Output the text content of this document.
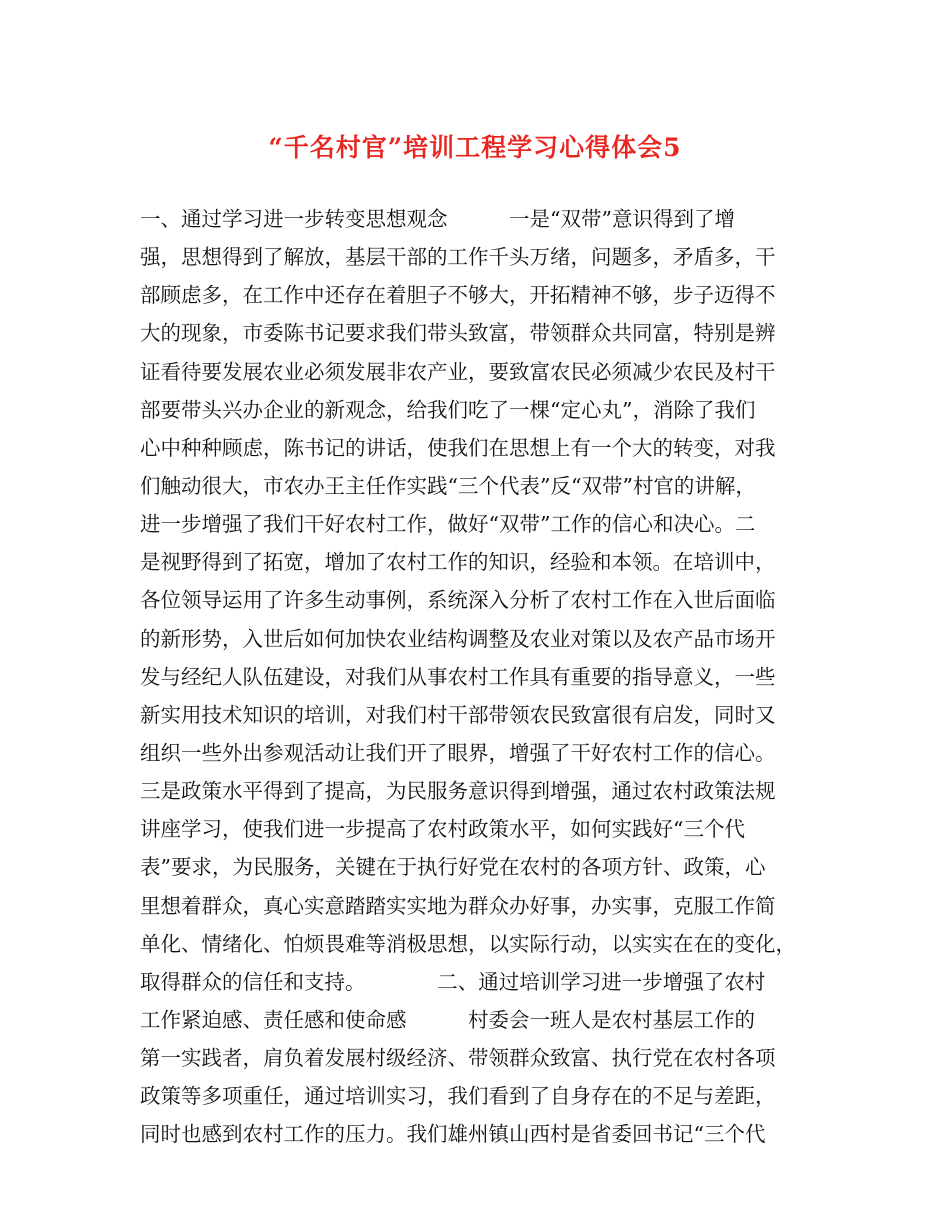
“千名村官”培训工程学习心得体会5
一、通过学习进一步转变思想观念　　　一是“双带”意识得到了增
强，思想得到了解放，基层干部的工作千头万绪，问题多，矛盾多，干
部顾虑多，在工作中还存在着胆子不够大，开拓精神不够，步子迈得不
大的现象，市委陈书记要求我们带头致富，带领群众共同富，特别是辨
证看待要发展农业必须发展非农产业，要致富农民必须减少农民及村干
部要带头兴办企业的新观念，给我们吃了一棵“定心丸”，消除了我们
心中种种顾虑，陈书记的讲话，使我们在思想上有一个大的转变，对我
们触动很大，市农办王主任作实践“三个代表”反“双带”村官的讲解，
进一步增强了我们干好农村工作，做好“双带”工作的信心和决心。二
是视野得到了拓宽，增加了农村工作的知识，经验和本领。在培训中，
各位领导运用了许多生动事例，系统深入分析了农村工作在入世后面临
的新形势，入世后如何加快农业结构调整及农业对策以及农产品市场开
发与经纪人队伍建设，对我们从事农村工作具有重要的指导意义，一些
新实用技术知识的培训，对我们村干部带领农民致富很有启发，同时又
组织一些外出参观活动让我们开了眼界，增强了干好农村工作的信心。
三是政策水平得到了提高，为民服务意识得到增强，通过农村政策法规
讲座学习，使我们进一步提高了农村政策水平，如何实践好“三个代
表”要求，为民服务，关键在于执行好党在农村的各项方针、政策，心
里想着群众，真心实意踏踏实实地为群众办好事，办实事，克服工作简
单化、情绪化、怕烦畏难等消极思想，以实际行动，以实实在在的变化，
取得群众的信任和支持。　　　　二、通过培训学习进一步增强了农村
工作紧迫感、责任感和使命感　　　村委会一班人是农村基层工作的
第一实践者，肩负着发展村级经济、带领群众致富、执行党在农村各项
政策等多项重任，通过培训实习，我们看到了自身存在的不足与差距，
同时也感到农村工作的压力。我们雄州镇山西村是省委回书记“三个代
